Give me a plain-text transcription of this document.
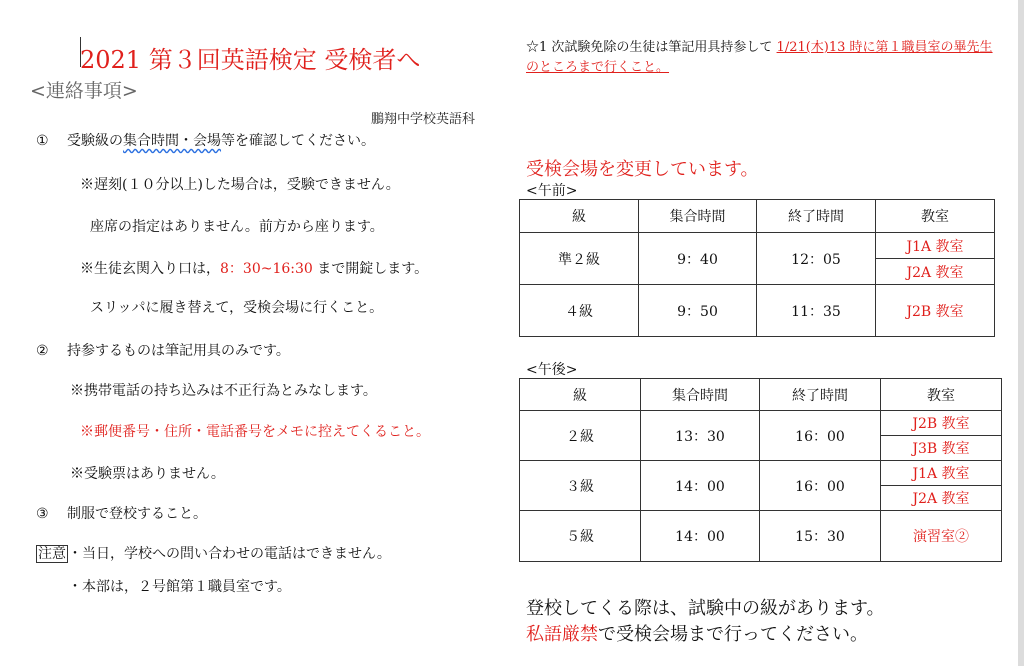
2021 第３回英語検定 受検者へ
<連絡事項>
鵬翔中学校英語科
① 受験級の集合時間・会場等を確認してください。
※遅刻(１０分以上)した場合は，受験できません。
座席の指定はありません。前方から座ります。
※生徒玄関入り口は，8：30~16:30 まで開錠します。
スリッパに履き替えて，受検会場に行くこと。
② 持参するものは筆記用具のみです。
※携帯電話の持ち込みは不正行為とみなします。
※郵便番号・住所・電話番号をメモに控えてくること。
※受験票はありません。
③ 制服で登校すること。
注意 ・当日，学校への問い合わせの電話はできません。
・本部は，２号館第１職員室です。
☆1 次試験免除の生徒は筆記用具持参して 1/21(木)13 時に第１職員室の畢先生のところまで行くこと。
受検会場を変更しています。
<午前>
級	集合時間	終了時間	教室
準２級	9：40	12：05	J1A 教室
			J2A 教室
４級	9：50	11：35	J2B 教室
<午後>
級	集合時間	終了時間	教室
２級	13：30	16：00	J2B 教室
			J3B 教室
３級	14：00	16：00	J1A 教室
			J2A 教室
５級	14：00	15：30	演習室②
登校してくる際は、試験中の級があります。
私語厳禁で受検会場まで行ってください。
